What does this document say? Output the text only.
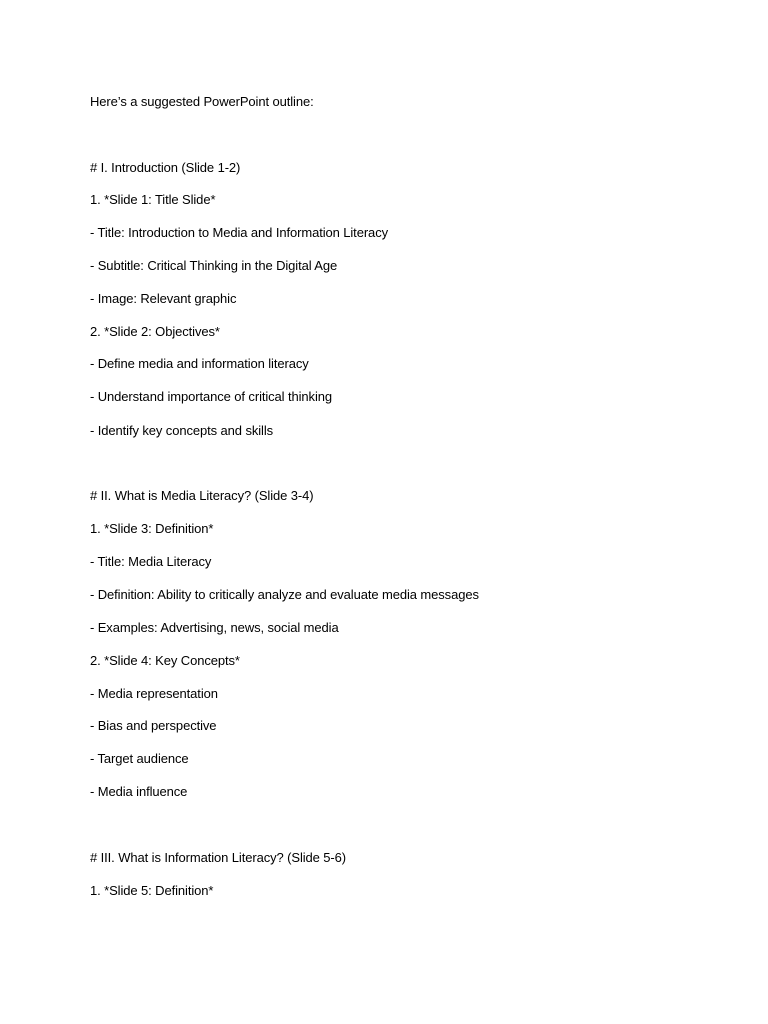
Here’s a suggested PowerPoint outline:
# I. Introduction (Slide 1-2)
1. *Slide 1: Title Slide*
- Title: Introduction to Media and Information Literacy
- Subtitle: Critical Thinking in the Digital Age
- Image: Relevant graphic
2. *Slide 2: Objectives*
- Define media and information literacy
- Understand importance of critical thinking
- Identify key concepts and skills
# II. What is Media Literacy? (Slide 3-4)
1. *Slide 3: Definition*
- Title: Media Literacy
- Definition: Ability to critically analyze and evaluate media messages
- Examples: Advertising, news, social media
2. *Slide 4: Key Concepts*
- Media representation
- Bias and perspective
- Target audience
- Media influence
# III. What is Information Literacy? (Slide 5-6)
1. *Slide 5: Definition*
